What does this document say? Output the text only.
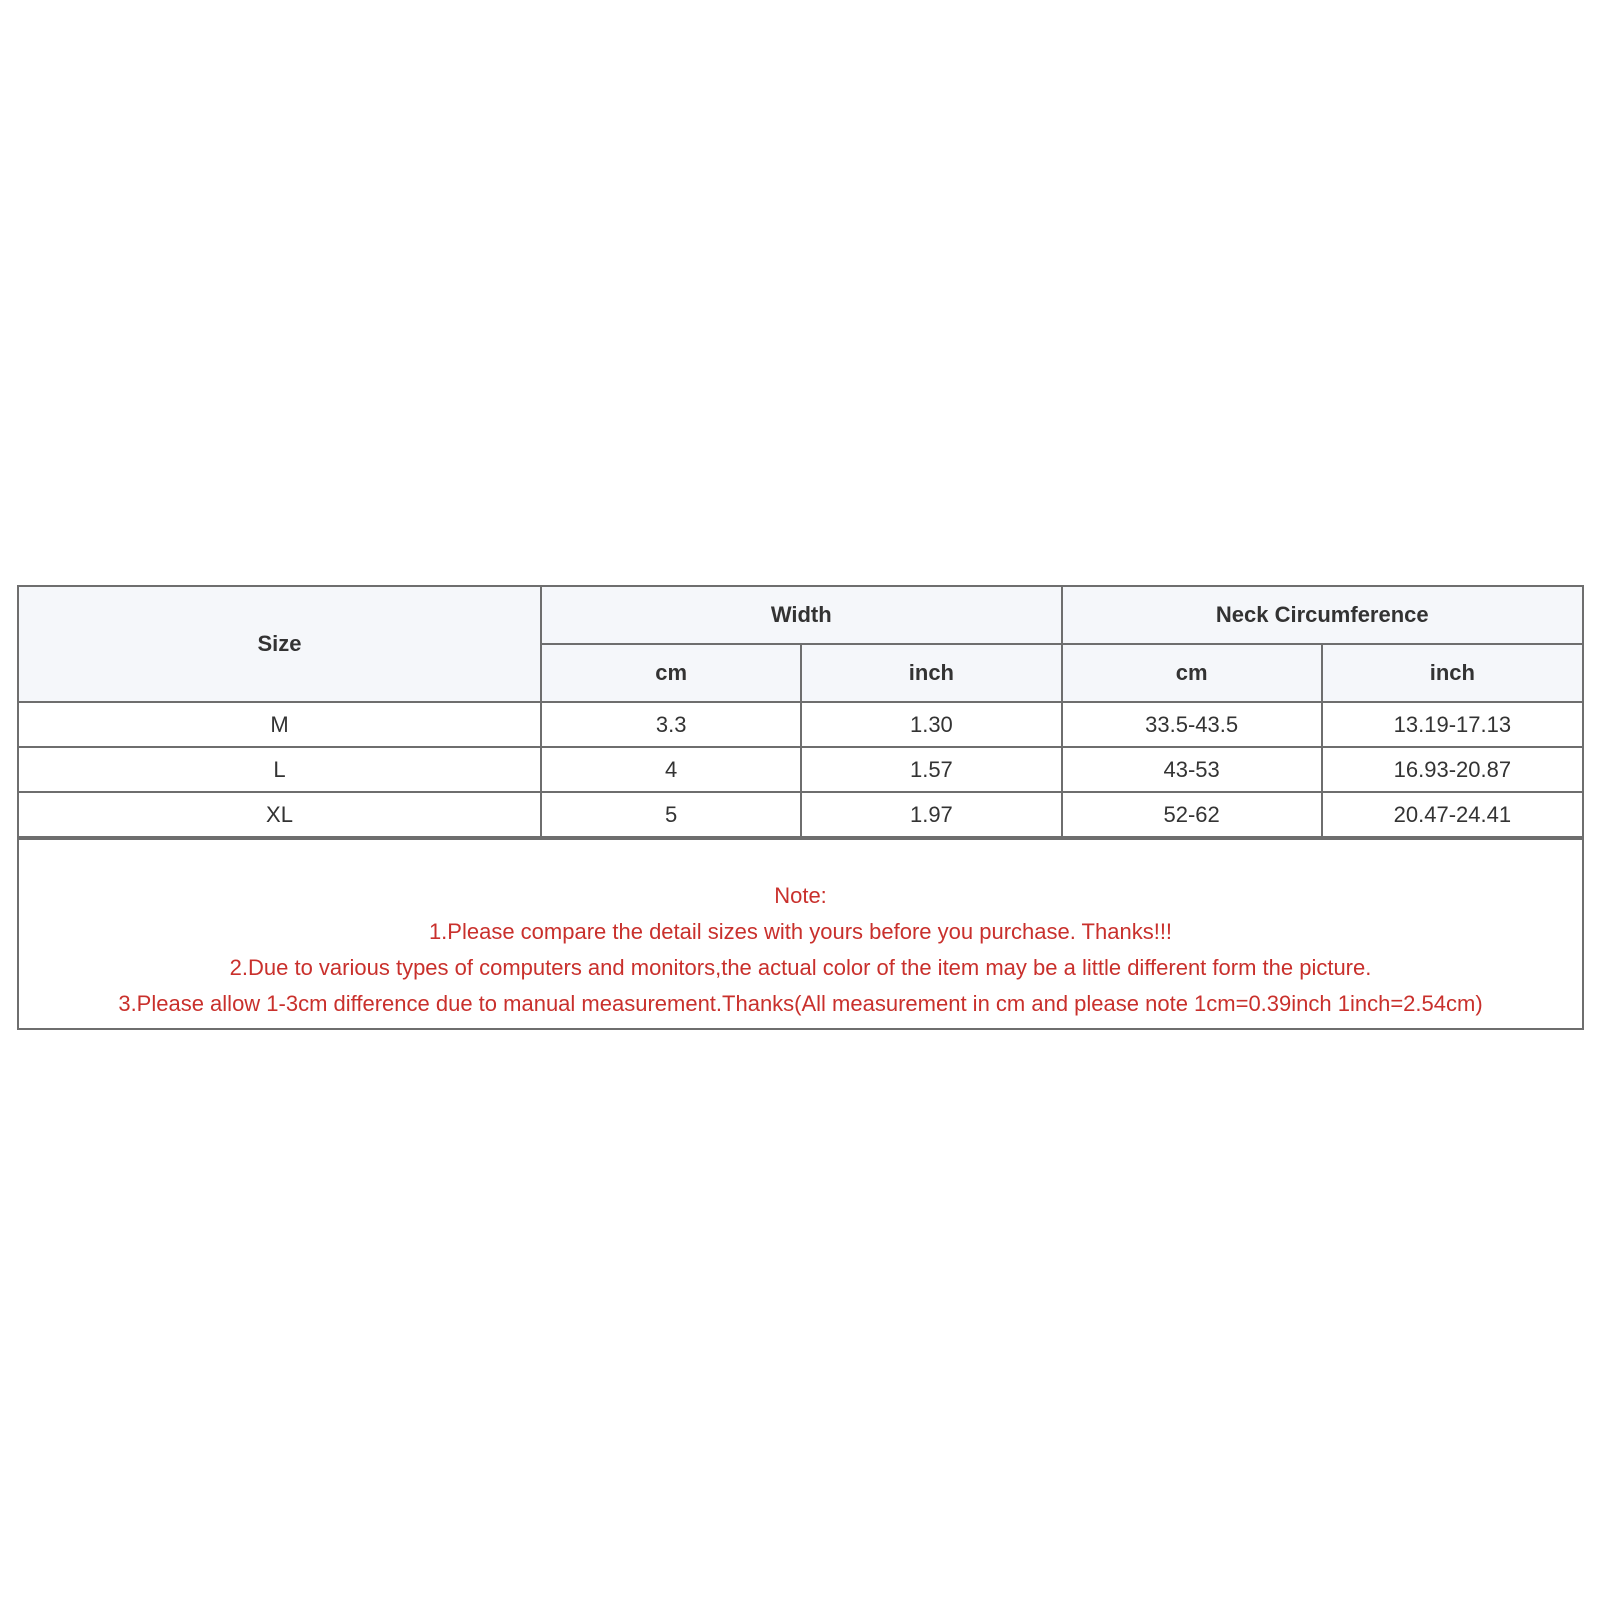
Size	Width		Neck Circumference	
	cm	inch	cm	inch
M	3.3	1.30	33.5-43.5	13.19-17.13
L	4	1.57	43-53	16.93-20.87
XL	5	1.97	52-62	20.47-24.41
Note:
1.Please compare the detail sizes with yours before you purchase. Thanks!!!
2.Due to various types of computers and monitors,the actual color of the item may be a little different form the picture.
3.Please allow 1-3cm difference due to manual measurement.Thanks(All measurement in cm and please note 1cm=0.39inch 1inch=2.54cm)
